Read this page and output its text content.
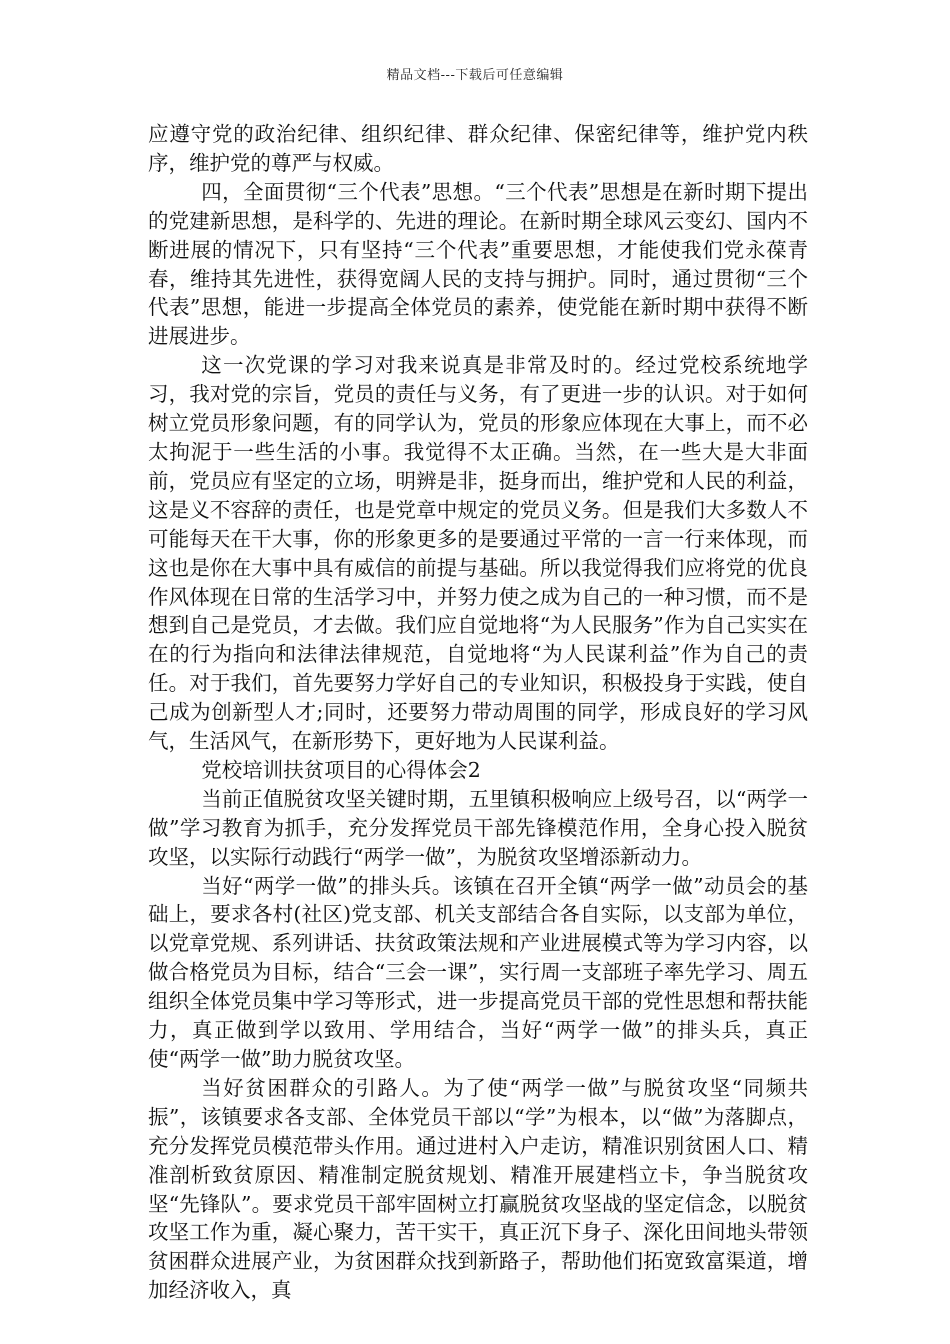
精品文档---下载后可任意编辑

应遵守党的政治纪律、组织纪律、群众纪律、保密纪律等，维护党内秩序，维护党的尊严与权威。

四，全面贯彻“三个代表”思想。“三个代表”思想是在新时期下提出的党建新思想，是科学的、先进的理论。在新时期全球风云变幻、国内不断进展的情况下，只有坚持“三个代表”重要思想，才能使我们党永葆青春，维持其先进性，获得宽阔人民的支持与拥护。同时，通过贯彻“三个代表”思想，能进一步提高全体党员的素养，使党能在新时期中获得不断进展进步。

这一次党课的学习对我来说真是非常及时的。经过党校系统地学习，我对党的宗旨，党员的责任与义务，有了更进一步的认识。对于如何树立党员形象问题，有的同学认为，党员的形象应体现在大事上，而不必太拘泥于一些生活的小事。我觉得不太正确。当然，在一些大是大非面前，党员应有坚定的立场，明辨是非，挺身而出，维护党和人民的利益，这是义不容辞的责任，也是党章中规定的党员义务。但是我们大多数人不可能每天在干大事，你的形象更多的是要通过平常的一言一行来体现，而这也是你在大事中具有威信的前提与基础。所以我觉得我们应将党的优良作风体现在日常的生活学习中，并努力使之成为自己的一种习惯，而不是想到自己是党员，才去做。我们应自觉地将“为人民服务”作为自己实实在在的行为指向和法律法律规范，自觉地将“为人民谋利益”作为自己的责任。对于我们，首先要努力学好自己的专业知识，积极投身于实践，使自己成为创新型人才;同时，还要努力带动周围的同学，形成良好的学习风气，生活风气，在新形势下，更好地为人民谋利益。

党校培训扶贫项目的心得体会2

当前正值脱贫攻坚关键时期，五里镇积极响应上级号召，以“两学一做”学习教育为抓手，充分发挥党员干部先锋模范作用，全身心投入脱贫攻坚，以实际行动践行“两学一做”，为脱贫攻坚增添新动力。

当好“两学一做”的排头兵。该镇在召开全镇“两学一做”动员会的基础上，要求各村(社区)党支部、机关支部结合各自实际，以支部为单位，以党章党规、系列讲话、扶贫政策法规和产业进展模式等为学习内容，以做合格党员为目标，结合“三会一课”，实行周一支部班子率先学习、周五组织全体党员集中学习等形式，进一步提高党员干部的党性思想和帮扶能力，真正做到学以致用、学用结合，当好“两学一做”的排头兵，真正使“两学一做”助力脱贫攻坚。

当好贫困群众的引路人。为了使“两学一做”与脱贫攻坚“同频共振”，该镇要求各支部、全体党员干部以“学”为根本，以“做”为落脚点，充分发挥党员模范带头作用。通过进村入户走访，精准识别贫困人口、精准剖析致贫原因、精准制定脱贫规划、精准开展建档立卡，争当脱贫攻坚“先锋队”。要求党员干部牢固树立打赢脱贫攻坚战的坚定信念，以脱贫攻坚工作为重，凝心聚力，苦干实干，真正沉下身子、深化田间地头带领贫困群众进展产业，为贫困群众找到新路子，帮助他们拓宽致富渠道，增加经济收入，真
